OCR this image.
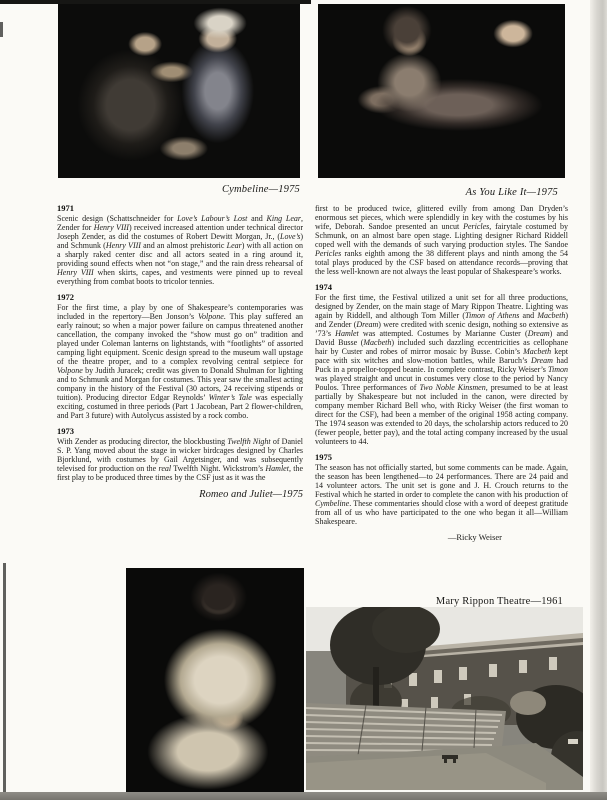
Cymbeline—1975	As You Like It—1975
1971

Scenic design (Schattschneider for Love’s Labour’s Lost and King Lear, Zender for Henry VIII) received increased attention under technical director Joseph Zender, as did the costumes of Robert Dewitt Morgan, Jr., (Love’s) and Schmunk (Henry VIII and an almost prehistoric Lear) with all action on a sharply raked center disc and all actors seated in a ring around it, providing sound effects when not “on stage,” and the rain dress rehearsal of Henry VIII when skirts, capes, and vestments were pinned up to reveal everything from combat boots to tricolor tennies.

1972

For the first time, a play by one of Shakespeare’s contemporaries was included in the repertory—Ben Jonson’s Volpone. This play suffered an early rainout; so when a major power failure on campus threatened another cancellation, the company invoked the “show must go on” tradition and played under Coleman lanterns on lightstands, with “footlights” of assorted camping light equipment. Scenic design spread to the museum wall upstage of the theatre proper, and to a complex revolving central setpiece for Volpone by Judith Juracek; credit was given to Donald Shulman for lighting and to Schmunk and Morgan for costumes. This year saw the smallest acting company in the history of the Festival (30 actors, 24 receiving stipends or tuition). Producing director Edgar Reynolds’ Winter’s Tale was especially exciting, costumed in three periods (Part 1 Jacobean, Part 2 flower-children, and Part 3 future) with Autolycus assisted by a rock combo.

1973

With Zender as producing director, the blockbusting Twelfth Night of Daniel S. P. Yang moved about the stage in wicker birdcages designed by Charles Bjorklund, with costumes by Gail Argetsinger, and was subsequently televised for production on the real Twelfth Night. Wickstrom’s Hamlet, the first play to be produced three times by the CSF just as it was the

Romeo and Juliet—1975

first to be produced twice, glittered evilly from among Dan Dryden’s enormous set pieces, which were splendidly in key with the costumes by his wife, Deborah. Sandoe presented an uncut Pericles, fairytale costumed by Schmunk, on an almost bare open stage. Lighting designer Richard Riddell coped well with the demands of such varying production styles. The Sandoe Pericles ranks eighth among the 38 different plays and ninth among the 54 total plays produced by the CSF based on attendance records—proving that the less well-known are not always the least popular of Shakespeare’s works.

1974

For the first time, the Festival utilized a unit set for all three productions, designed by Zender, on the main stage of Mary Rippon Theatre. Lighting was again by Riddell, and although Tom Miller (Timon of Athens and Macbeth) and Zender (Dream) were credited with scenic design, nothing so extensive as ’73’s Hamlet was attempted. Costumes by Marianne Custer (Dream) and David Busse (Macbeth) included such dazzling eccentricities as cellophane hair by Custer and robes of mirror mosaic by Busse. Cobin’s Macbeth kept pace with six witches and slow-motion battles, while Baruch’s Dream had Puck in a propellor-topped beanie. In complete contrast, Ricky Weiser’s Timon was played straight and uncut in costumes very close to the period by Nancy Poulos. Three performances of Two Noble Kinsmen, presumed to be at least partially by Shakespeare but not included in the canon, were directed by company member Richard Bell who, with Ricky Weiser (the first woman to direct for the CSF), had been a member of the original 1958 acting company. The 1974 season was extended to 20 days, the scholarship actors reduced to 20 (fewer people, better pay), and the total acting company increased by the usual volunteers to 44.

1975

The season has not officially started, but some comments can be made. Again, the season has been lengthened—to 24 performances. There are 24 paid and 14 volunteer actors. The unit set is gone and J. H. Crouch returns to the Festival which he started in order to complete the canon with his production of Cymbeline. These commentaries should close with a word of deepest gratitude from all of us who have participated to the one who began it all—William Shakespeare.

—Ricky Weiser
Mary Rippon Theatre—1961
